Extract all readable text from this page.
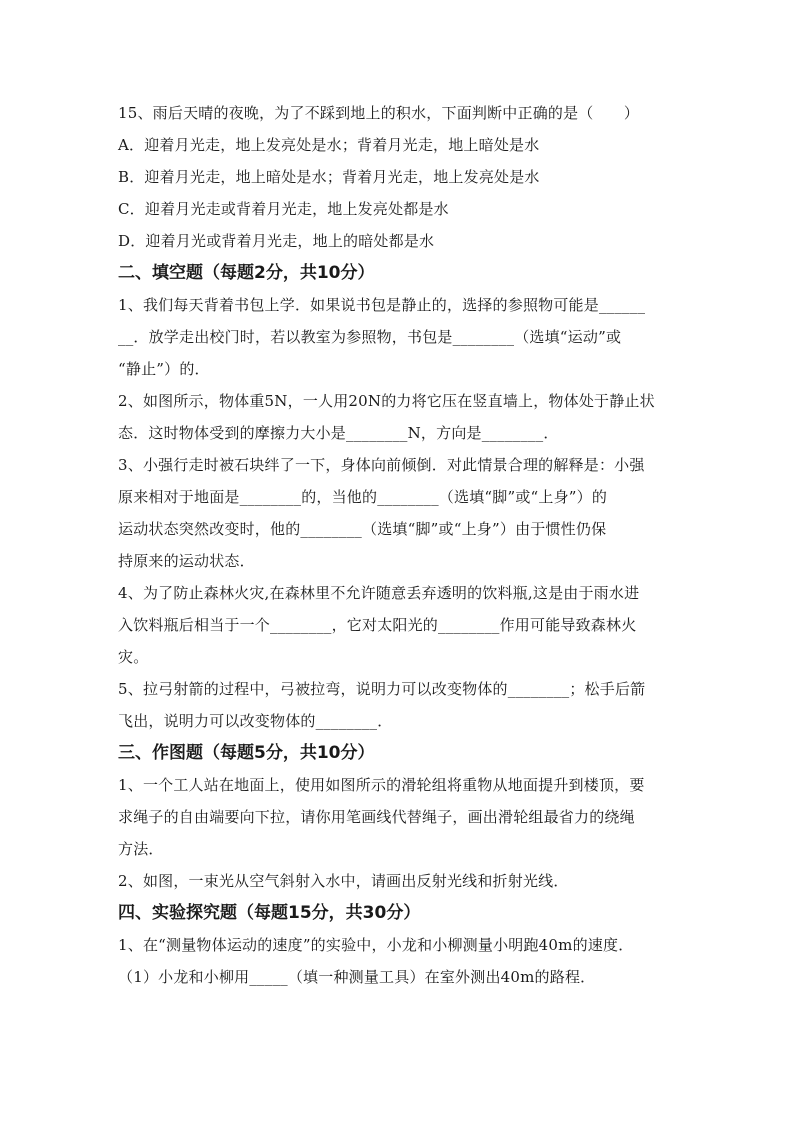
15、雨后天晴的夜晚，为了不踩到地上的积水，下面判断中正确的是（　　）
A．迎着月光走，地上发亮处是水；背着月光走，地上暗处是水
B．迎着月光走，地上暗处是水；背着月光走，地上发亮处是水
C．迎着月光走或背着月光走，地上发亮处都是水
D．迎着月光或背着月光走，地上的暗处都是水
二、填空题（每题2分，共10分）
1、我们每天背着书包上学．如果说书包是静止的，选择的参照物可能是______
__．放学走出校门时，若以教室为参照物，书包是________（选填“运动”或
“静止”）的．
2、如图所示，物体重5N，一人用20N的力将它压在竖直墙上，物体处于静止状
态．这时物体受到的摩擦力大小是________N，方向是________．
3、小强行走时被石块绊了一下，身体向前倾倒．对此情景合理的解释是：小强
原来相对于地面是________的，当他的________（选填“脚”或“上身”）的
运动状态突然改变时，他的________（选填“脚”或“上身”）由于惯性仍保
持原来的运动状态．
4、为了防止森林火灾,在森林里不允许随意丢弃透明的饮料瓶,这是由于雨水进
入饮料瓶后相当于一个________，它对太阳光的________作用可能导致森林火
灾。
5、拉弓射箭的过程中，弓被拉弯，说明力可以改变物体的________；松手后箭
飞出，说明力可以改变物体的________．
三、作图题（每题5分，共10分）
1、一个工人站在地面上，使用如图所示的滑轮组将重物从地面提升到楼顶，要
求绳子的自由端要向下拉，请你用笔画线代替绳子，画出滑轮组最省力的绕绳
方法．
2、如图，一束光从空气斜射入水中，请画出反射光线和折射光线．
四、实验探究题（每题15分，共30分）
1、在“测量物体运动的速度”的实验中，小龙和小柳测量小明跑40m的速度．
（1）小龙和小柳用_____（填一种测量工具）在室外测出40m的路程．
